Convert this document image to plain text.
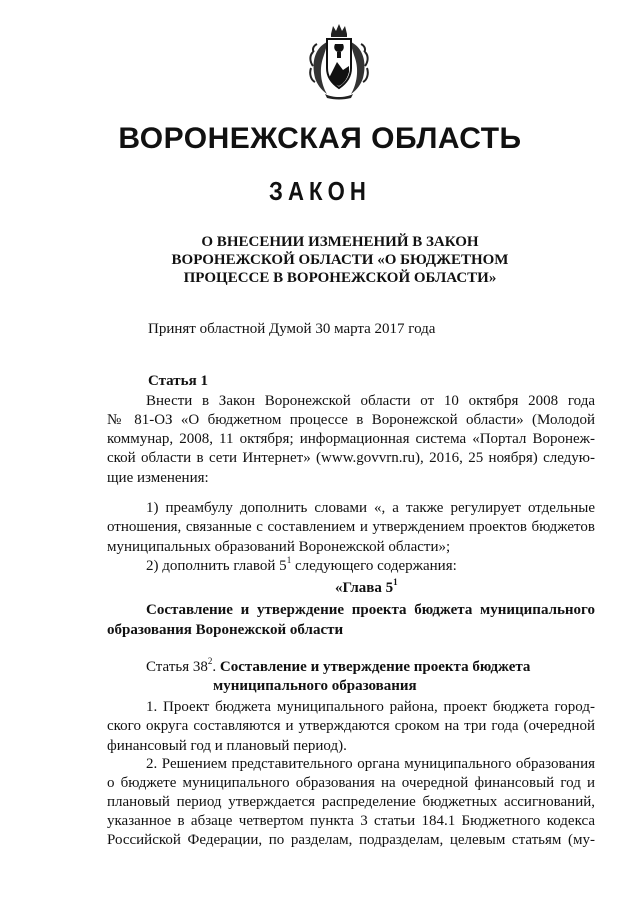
ВОРОНЕЖСКАЯ ОБЛАСТЬ
ЗАКОН
О ВНЕСЕНИИ ИЗМЕНЕНИЙ В ЗАКОН
ВОРОНЕЖСКОЙ ОБЛАСТИ «О БЮДЖЕТНОМ
ПРОЦЕССЕ В ВОРОНЕЖСКОЙ ОБЛАСТИ»
Принят областной Думой 30 марта 2017 года
Статья 1
Внести в Закон Воронежской области от 10 октября 2008 года
№ 81-ОЗ «О бюджетном процессе в Воронежской области» (Молодой
коммунар, 2008, 11 октября; информационная система «Портал Воронеж-
ской области в сети Интернет» (www.govvrn.ru), 2016, 25 ноября) следую-
щие изменения:
1) преамбулу дополнить словами «, а также регулирует отдельные
отношения, связанные с составлением и утверждением проектов бюджетов
муниципальных образований Воронежской области»;
2) дополнить главой $5^1$ следующего содержания:
«Глава $5^1$
Составление и утверждение проекта бюджета муниципального
образования Воронежской области
Статья $38^2$. Составление и утверждение проекта бюджета
муниципального образования
1. Проект бюджета муниципального района, проект бюджета город-
ского округа составляются и утверждаются сроком на три года (очередной
финансовый год и плановый период).
2. Решением представительного органа муниципального образования
о бюджете муниципального образования на очередной финансовый год и
плановый период утверждается распределение бюджетных ассигнований,
указанное в абзаце четвертом пункта 3 статьи 184.1 Бюджетного кодекса
Российской Федерации, по разделам, подразделам, целевым статьям (му-
